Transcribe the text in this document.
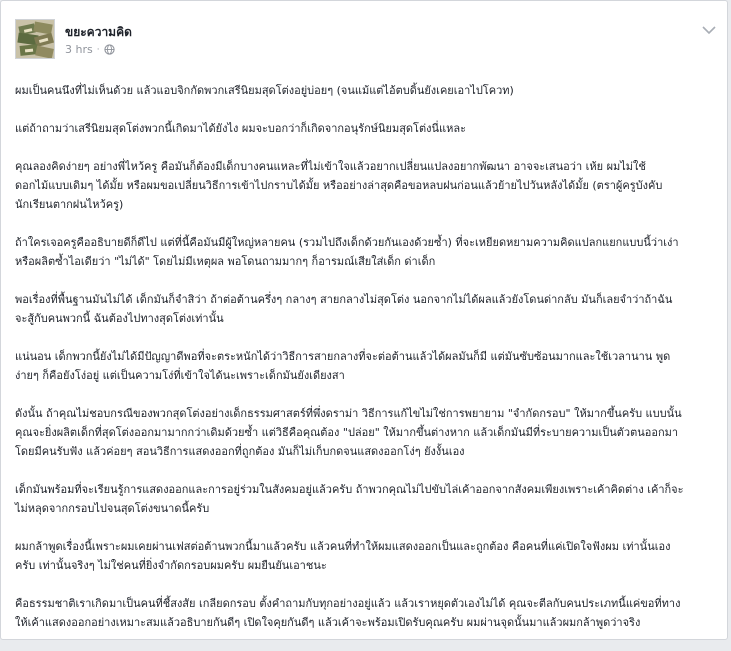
ขยะความคิด
3 hrs ·

ผมเป็นคนนึงที่ไม่เห็นด้วย แล้วแอบจิกกัดพวกเสรีนิยมสุดโต่งอยู่บ่อยๆ (จนแม้แต่ไอ้ตบดิ้นยังเคยเอาไปโควท)

แต่ถ้าถามว่าเสรีนิยมสุดโต่งพวกนี้เกิดมาได้ยังไง ผมจะบอกว่าก็เกิดจากอนุรักษ์นิยมสุดโต่งนี่แหละ

คุณลองคิดง่ายๆ อย่างพี่ไหว้ครู คือมันก็ต้องมีเด็กบางคนแหละที่ไม่เข้าใจแล้วอยากเปลี่ยนแปลงอยากพัฒนา อาจจะเสนอว่า เห้ย ผมไม่ใช้
ดอกไม้แบบเดิมๆ ได้มั้ย หรือผมขอเปลี่ยนวิธีการเข้าไปกราบได้มั้ย หรืออย่างล่าสุดคือขอหลบฝนก่อนแล้วย้ายไปวันหลังได้มั้ย (ตราผู้ครูบังคับ
นักเรียนตากฝนไหว้ครู)

ถ้าใครเจอครูคืออธิบายดีก็ดีไป แต่ที่นี้คือมันมีผู้ใหญ่หลายคน (รวมไปถึงเด็กด้วยกันเองด้วยซ้ำ) ที่จะเหยียดหยามความคิดแปลกแยกแบบนี้ว่าเง่า
หรือผลิตซ้ำไอเดียว่า "ไม่ได้" โดยไม่มีเหตุผล พอโดนถามมากๆ ก็อารมณ์เสียใส่เด็ก ด่าเด็ก

พอเรื่องที่พื้นฐานมันไม่ได้ เด็กมันก็จำสิว่า ถ้าต่อต้านครึ่งๆ กลางๆ สายกลางไม่สุดโต่ง นอกจากไม่ได้ผลแล้วยังโดนด่ากลับ มันก็เลยจำว่าถ้าฉัน
จะสู้กับคนพวกนี้ ฉันต้องไปทางสุดโต่งเท่านั้น

แน่นอน เด็กพวกนี้ยังไม่ได้มีปัญญาดีพอที่จะตระหนักได้ว่าวิธีการสายกลางที่จะต่อต้านแล้วได้ผลมันก็มี แต่มันซับซ้อนมากและใช้เวลานาน พูด
ง่ายๆ ก็คือยังโง่อยู่ แต่เป็นความโง่ที่เข้าใจได้นะเพราะเด็กมันยังเดียงสา

ดังนั้น ถ้าคุณไม่ชอบกรณีของพวกสุดโต่งอย่างเด็กธรรมศาสตร์ที่พึ่งดราม่า วิธีการแก้ไขไม่ใช่การพยายาม "จำกัดกรอบ" ให้มากขึ้นครับ แบบนั้น
คุณจะยิ่งผลิตเด็กที่สุดโต่งออกมามากกว่าเดิมด้วยซ้ำ แต่วิธีคือคุณต้อง "ปล่อย" ให้มากขึ้นต่างหาก แล้วเด็กมันมีที่ระบายความเป็นตัวตนออกมา
โดยมีคนรับฟัง แล้วค่อยๆ สอนวิธีการแสดงออกที่ถูกต้อง มันก็ไม่เก็บกดจนแสดงออกโง่ๆ ยังงั้นเอง

เด็กมันพร้อมที่จะเรียนรู้การแสดงออกและการอยู่ร่วมในสังคมอยู่แล้วครับ ถ้าพวกคุณไม่ไปขับไล่เค้าออกจากสังคมเพียงเพราะเค้าคิดต่าง เค้าก็จะ
ไม่หลุดจากกรอบไปจนสุดโต่งขนาดนี้ครับ

ผมกล้าพูดเรื่องนี้เพราะผมเคยผ่านเฟสต่อต้านพวกนี้มาแล้วครับ แล้วคนที่ทำให้ผมแสดงออกเป็นและถูกต้อง คือคนที่แค่เปิดใจฟังผม เท่านั้นเอง
ครับ เท่านั้นจริงๆ ไม่ใช่คนที่ยิ่งจำกัดกรอบผมครับ ผมยืนยันเอาชนะ

คือธรรมชาติเราเกิดมาเป็นคนที่ชี้สงสัย เกลียดกรอบ ตั้งคำถามกับทุกอย่างอยู่แล้ว แล้วเราหยุดตัวเองไม่ได้ คุณจะตีลกับคนประเภทนี้แค่ขอที่ทาง
ให้เค้าแสดงออกอย่างเหมาะสมแล้วอธิบายกันดีๆ เปิดใจคุยกันดีๆ แล้วเค้าจะพร้อมเปิดรับคุณครับ ผมผ่านจุดนั้นมาแล้วผมกล้าพูดว่าจริง
